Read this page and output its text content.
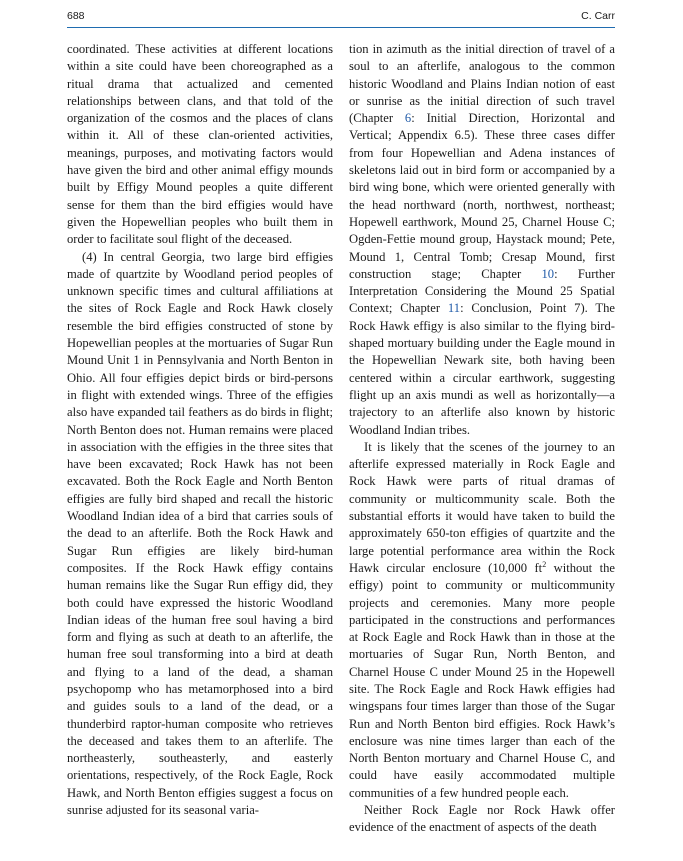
688	C. Carr

coordinated. These activities at different locations within a site could have been choreographed as a ritual drama that actualized and cemented relationships between clans, and that told of the organization of the cosmos and the places of clans within it. All of these clan-oriented activities, meanings, purposes, and motivating factors would have given the bird and other animal effigy mounds built by Effigy Mound peoples a quite different sense for them than the bird effigies would have given the Hopewellian peoples who built them in order to facilitate soul flight of the deceased.

(4) In central Georgia, two large bird effigies made of quartzite by Woodland period peoples of unknown specific times and cultural affiliations at the sites of Rock Eagle and Rock Hawk closely resemble the bird effigies constructed of stone by Hopewellian peoples at the mortuaries of Sugar Run Mound Unit 1 in Pennsylvania and North Benton in Ohio. All four effigies depict birds or bird-persons in flight with extended wings. Three of the effigies also have expanded tail feathers as do birds in flight; North Benton does not. Human remains were placed in association with the effigies in the three sites that have been excavated; Rock Hawk has not been excavated. Both the Rock Eagle and North Benton effigies are fully bird shaped and recall the historic Woodland Indian idea of a bird that carries souls of the dead to an afterlife. Both the Rock Hawk and Sugar Run effigies are likely bird-human composites. If the Rock Hawk effigy contains human remains like the Sugar Run effigy did, they both could have expressed the historic Woodland Indian ideas of the human free soul having a bird form and flying as such at death to an afterlife, the human free soul transforming into a bird at death and flying to a land of the dead, a shaman psychopomp who has metamorphosed into a bird and guides souls to a land of the dead, or a thunderbird raptor-human composite who retrieves the deceased and takes them to an afterlife. The northeasterly, southeasterly, and easterly orientations, respectively, of the Rock Eagle, Rock Hawk, and North Benton effigies suggest a focus on sunrise adjusted for its seasonal varia-

tion in azimuth as the initial direction of travel of a soul to an afterlife, analogous to the common historic Woodland and Plains Indian notion of east or sunrise as the initial direction of such travel (Chapter 6: Initial Direction, Horizontal and Vertical; Appendix 6.5). These three cases differ from four Hopewellian and Adena instances of skeletons laid out in bird form or accompanied by a bird wing bone, which were oriented generally with the head northward (north, northwest, northeast; Hopewell earthwork, Mound 25, Charnel House C; Ogden-Fettie mound group, Haystack mound; Pete, Mound 1, Central Tomb; Cresap Mound, first construction stage; Chapter 10: Further Interpretation Considering the Mound 25 Spatial Context; Chapter 11: Conclusion, Point 7). The Rock Hawk effigy is also similar to the flying bird-shaped mortuary building under the Eagle mound in the Hopewellian Newark site, both having been centered within a circular earthwork, suggesting flight up an axis mundi as well as horizontally—a trajectory to an afterlife also known by historic Woodland Indian tribes.

It is likely that the scenes of the journey to an afterlife expressed materially in Rock Eagle and Rock Hawk were parts of ritual dramas of community or multicommunity scale. Both the substantial efforts it would have taken to build the approximately 650-ton effigies of quartzite and the large potential performance area within the Rock Hawk circular enclosure (10,000 $ft^2$ without the effigy) point to community or multicommunity projects and ceremonies. Many more people participated in the constructions and performances at Rock Eagle and Rock Hawk than in those at the mortuaries of Sugar Run, North Benton, and Charnel House C under Mound 25 in the Hopewell site. The Rock Eagle and Rock Hawk effigies had wingspans four times larger than those of the Sugar Run and North Benton bird effigies. Rock Hawk’s enclosure was nine times larger than each of the North Benton mortuary and Charnel House C, and could have easily accommodated multiple communities of a few hundred people each.

Neither Rock Eagle nor Rock Hawk offer evidence of the enactment of aspects of the death
